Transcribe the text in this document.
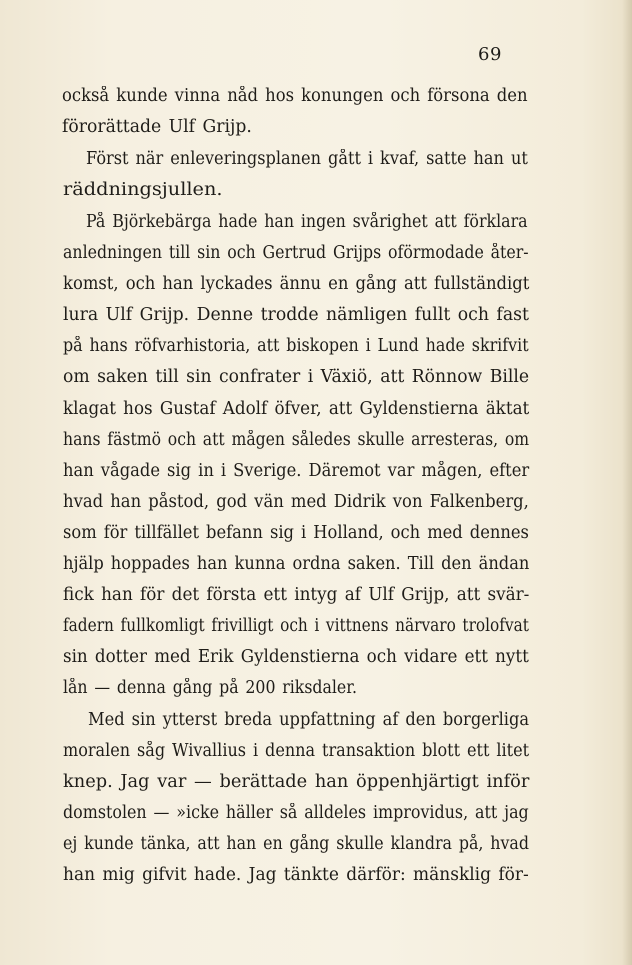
69
också kunde vinna nåd hos konungen och försona den
förorättade Ulf Grijp.
Först när enleveringsplanen gått i kvaf, satte han ut
räddningsjullen.
På Björkebärga hade han ingen svårighet att förklara
anledningen till sin och Gertrud Grijps oförmodade åter-
komst, och han lyckades ännu en gång att fullständigt
lura Ulf Grijp. Denne trodde nämligen fullt och fast
på hans röfvarhistoria, att biskopen i Lund hade skrifvit
om saken till sin confrater i Växiö, att Rönnow Bille
klagat hos Gustaf Adolf öfver, att Gyldenstierna äktat
hans fästmö och att mågen således skulle arresteras, om
han vågade sig in i Sverige. Däremot var mågen, efter
hvad han påstod, god vän med Didrik von Falkenberg,
som för tillfället befann sig i Holland, och med dennes
hjälp hoppades han kunna ordna saken. Till den ändan
fick han för det första ett intyg af Ulf Grijp, att svär-
fadern fullkomligt frivilligt och i vittnens närvaro trolofvat
sin dotter med Erik Gyldenstierna och vidare ett nytt
lån — denna gång på 200 riksdaler.
Med sin ytterst breda uppfattning af den borgerliga
moralen såg Wivallius i denna transaktion blott ett litet
knep. Jag var — berättade han öppenhjärtigt inför
domstolen — »icke häller så alldeles improvidus, att jag
ej kunde tänka, att han en gång skulle klandra på, hvad
han mig gifvit hade. Jag tänkte därför: mänsklig för-
